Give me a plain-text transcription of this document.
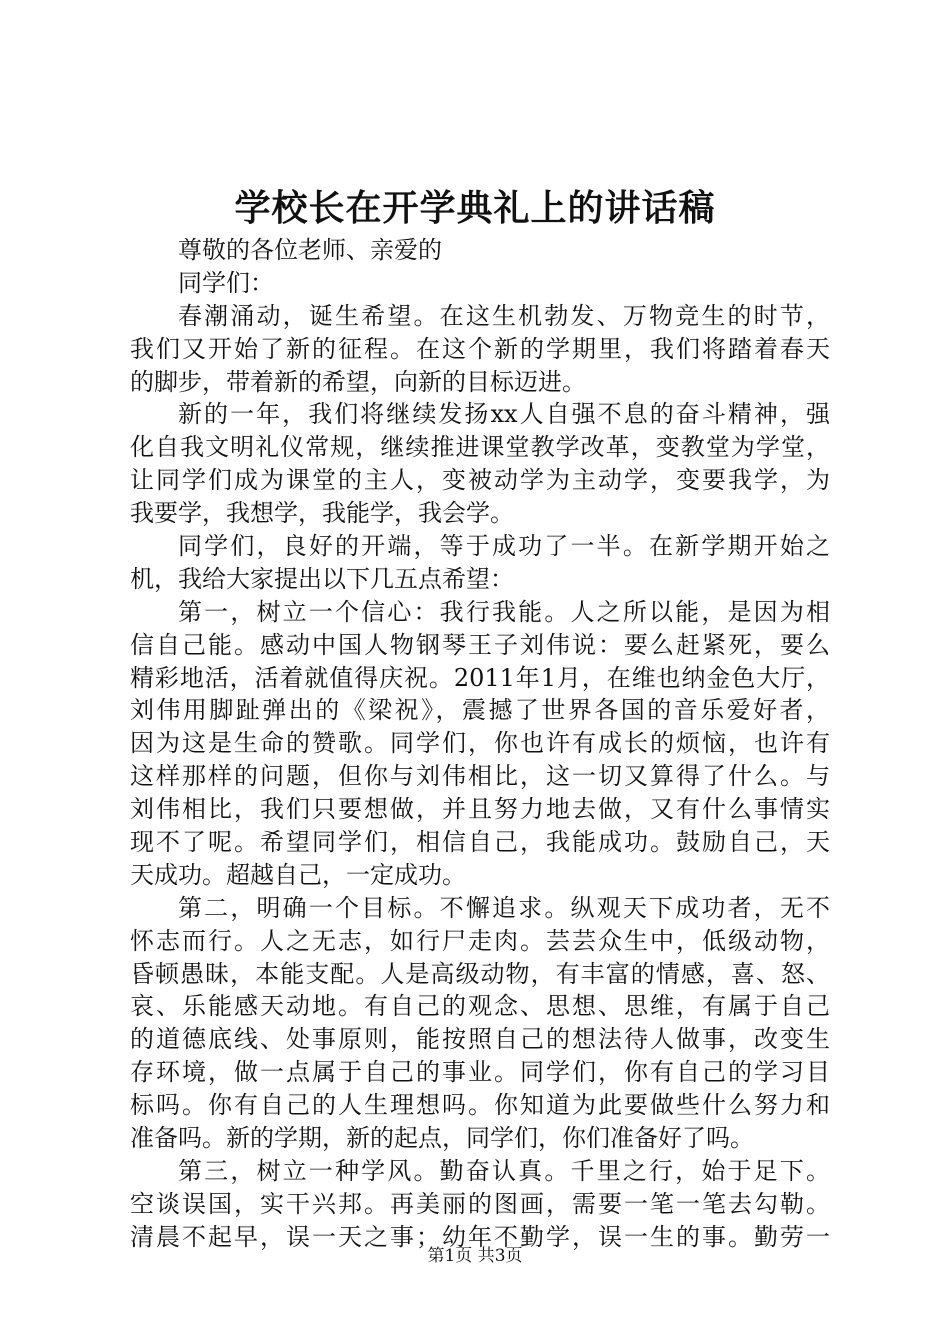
学校长在开学典礼上的讲话稿
尊敬的各位老师、亲爱的
同学们：
春潮涌动，诞生希望。在这生机勃发、万物竞生的时节，
我们又开始了新的征程。在这个新的学期里，我们将踏着春天
的脚步，带着新的希望，向新的目标迈进。
新的一年，我们将继续发扬xx人自强不息的奋斗精神，强
化自我文明礼仪常规，继续推进课堂教学改革，变教堂为学堂，
让同学们成为课堂的主人，变被动学为主动学，变要我学，为
我要学，我想学，我能学，我会学。
同学们，良好的开端，等于成功了一半。在新学期开始之
机，我给大家提出以下几五点希望：
第一，树立一个信心：我行我能。人之所以能，是因为相
信自己能。感动中国人物钢琴王子刘伟说：要么赶紧死，要么
精彩地活，活着就值得庆祝。2011年1月，在维也纳金色大厅，
刘伟用脚趾弹出的《梁祝》，震撼了世界各国的音乐爱好者，
因为这是生命的赞歌。同学们，你也许有成长的烦恼，也许有
这样那样的问题，但你与刘伟相比，这一切又算得了什么。与
刘伟相比，我们只要想做，并且努力地去做，又有什么事情实
现不了呢。希望同学们，相信自己，我能成功。鼓励自己，天
天成功。超越自己，一定成功。
第二，明确一个目标。不懈追求。纵观天下成功者，无不
怀志而行。人之无志，如行尸走肉。芸芸众生中，低级动物，
昏顿愚昧，本能支配。人是高级动物，有丰富的情感，喜、怒、
哀、乐能感天动地。有自己的观念、思想、思维，有属于自己
的道德底线、处事原则，能按照自己的想法待人做事，改变生
存环境，做一点属于自己的事业。同学们，你有自己的学习目
标吗。你有自己的人生理想吗。你知道为此要做些什么努力和
准备吗。新的学期，新的起点，同学们，你们准备好了吗。
第三，树立一种学风。勤奋认真。千里之行，始于足下。
空谈误国，实干兴邦。再美丽的图画，需要一笔一笔去勾勒。
清晨不起早，误一天之事；幼年不勤学，误一生的事。勤劳一
第1页 共3页
